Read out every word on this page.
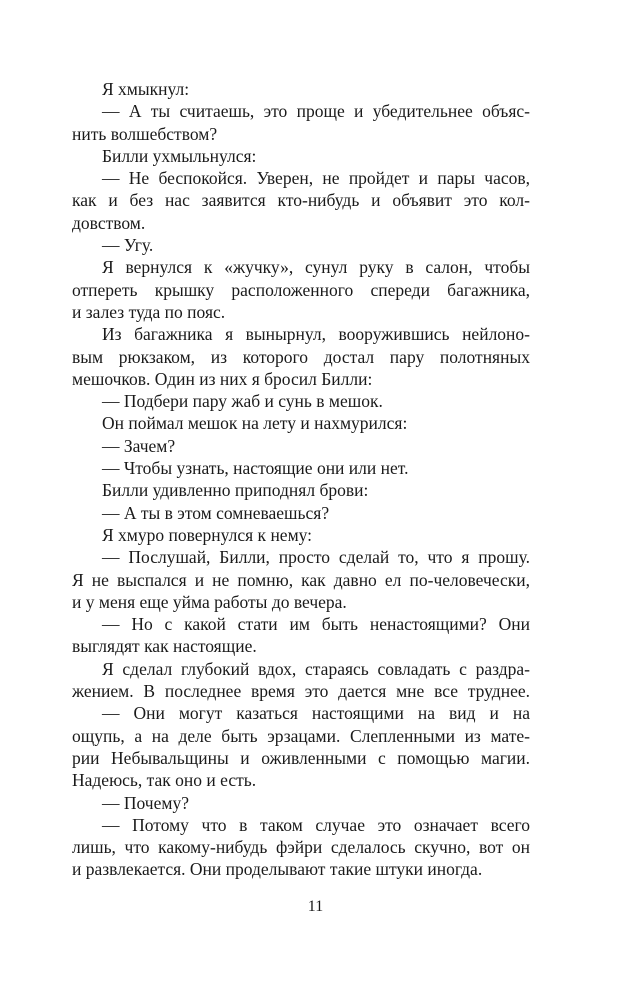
Я хмыкнул:
— А ты считаешь, это проще и убедительнее объяс-
нить волшебством?
Билли ухмыльнулся:
— Не беспокойся. Уверен, не пройдет и пары часов,
как и без нас заявится кто-нибудь и объявит это кол-
довством.
— Угу.
Я вернулся к «жучку», сунул руку в салон, чтобы
отпереть крышку расположенного спереди багажника,
и залез туда по пояс.
Из багажника я вынырнул, вооружившись нейлоно-
вым рюкзаком, из которого достал пару полотняных
мешочков. Один из них я бросил Билли:
— Подбери пару жаб и сунь в мешок.
Он поймал мешок на лету и нахмурился:
— Зачем?
— Чтобы узнать, настоящие они или нет.
Билли удивленно приподнял брови:
— А ты в этом сомневаешься?
Я хмуро повернулся к нему:
— Послушай, Билли, просто сделай то, что я прошу.
Я не выспался и не помню, как давно ел по-человечески,
и у меня еще уйма работы до вечера.
— Но с какой стати им быть ненастоящими? Они
выглядят как настоящие.
Я сделал глубокий вдох, стараясь совладать с раздра-
жением. В последнее время это дается мне все труднее.
— Они могут казаться настоящими на вид и на
ощупь, а на деле быть эрзацами. Слепленными из мате-
рии Небывальщины и оживленными с помощью магии.
Надеюсь, так оно и есть.
— Почему?
— Потому что в таком случае это означает всего
лишь, что какому-нибудь фэйри сделалось скучно, вот он
и развлекается. Они проделывают такие штуки иногда.
11
